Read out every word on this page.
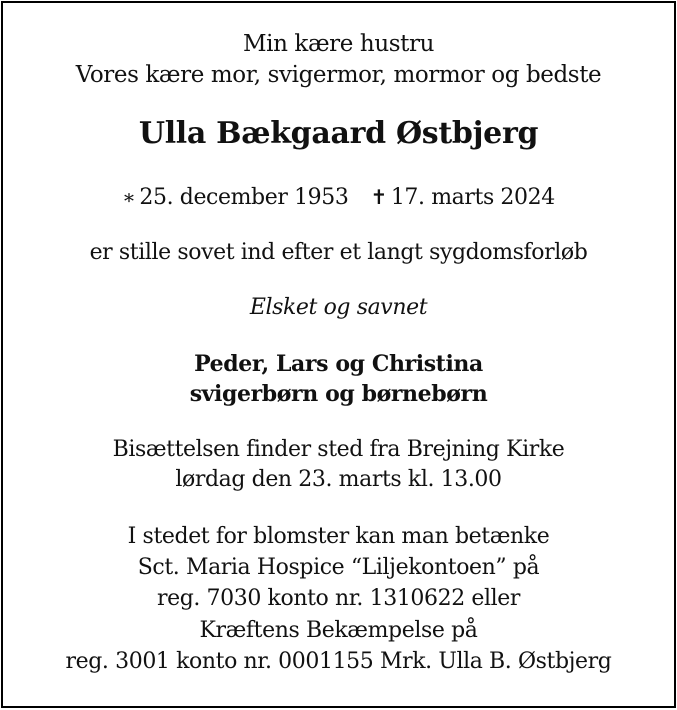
Min kære hustru
Vores kære mor, svigermor, mormor og bedste
Ulla Bækgaard Østbjerg
∗ 25. december 1953 ✝ 17. marts 2024
er stille sovet ind efter et langt sygdomsforløb
Elsket og savnet
Peder, Lars og Christina
svigerbørn og børnebørn
Bisættelsen finder sted fra Brejning Kirke
lørdag den 23. marts kl. 13.00
I stedet for blomster kan man betænke
Sct. Maria Hospice “Liljekontoen” på
reg. 7030 konto nr. 1310622 eller
Kræftens Bekæmpelse på
reg. 3001 konto nr. 0001155 Mrk. Ulla B. Østbjerg
